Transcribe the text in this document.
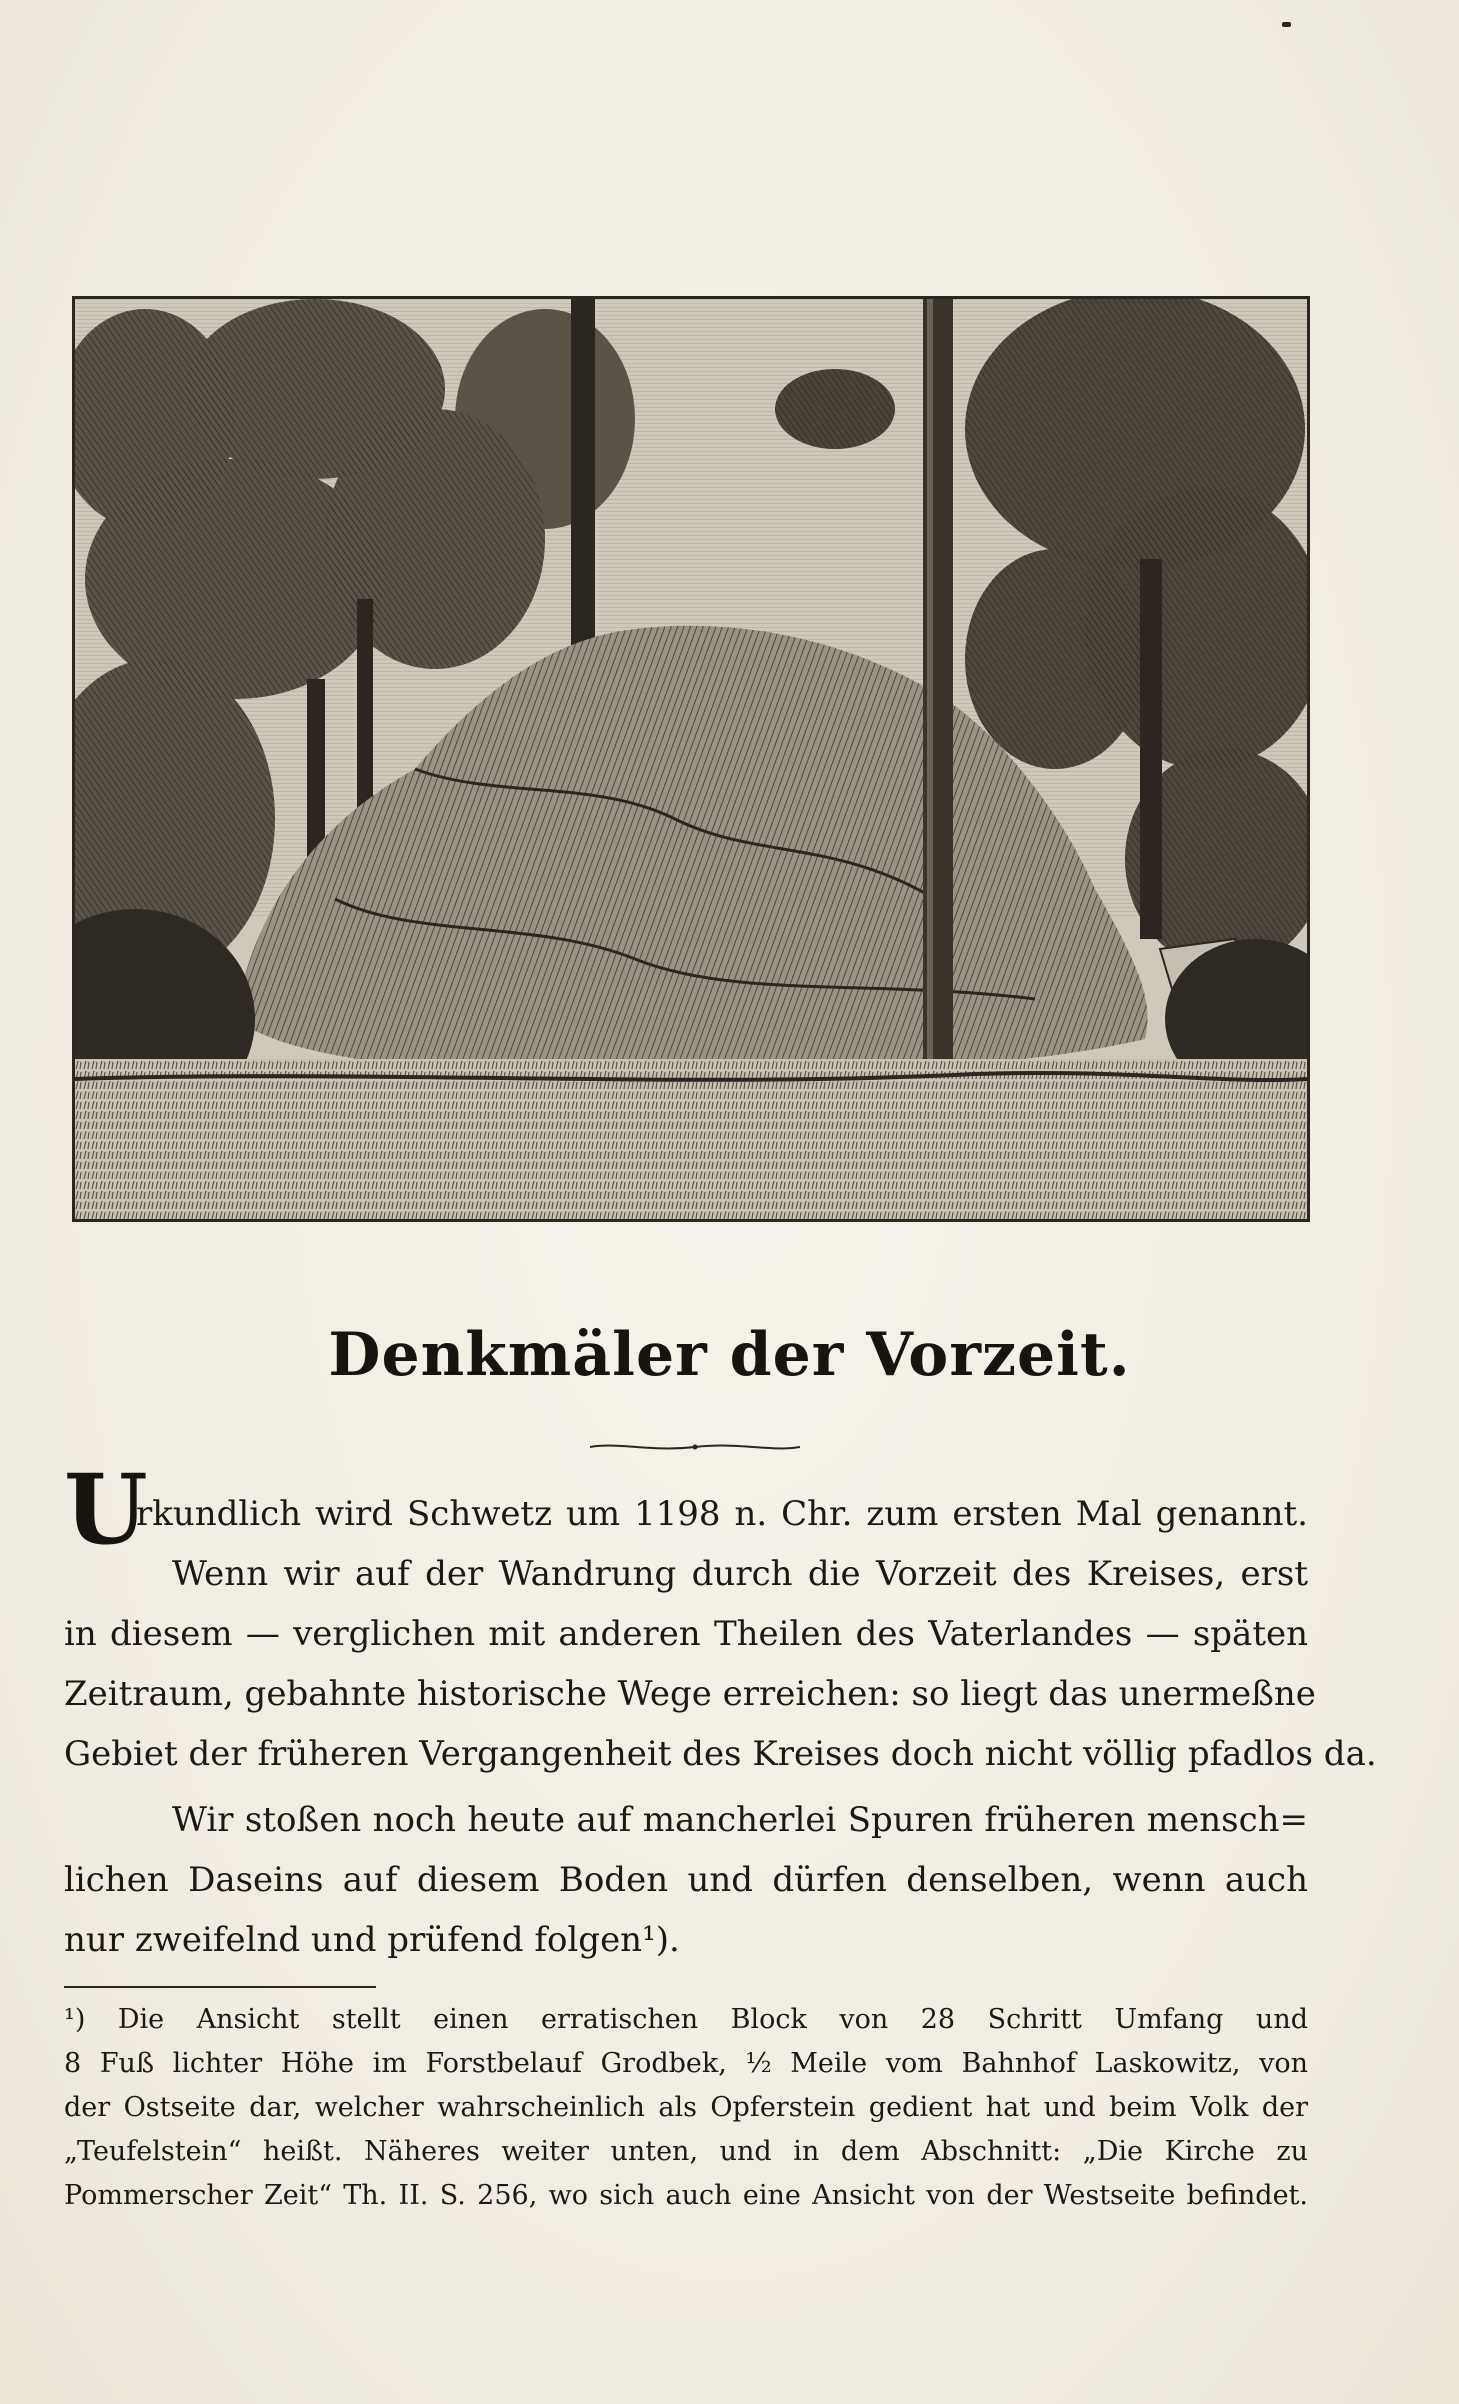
Denkmäler der Vorzeit.
U
rkundlich wird Schwetz um 1198 n. Chr. zum ersten Mal genannt.
Wenn wir auf der Wandrung durch die Vorzeit des Kreises, erst
in diesem — verglichen mit anderen Theilen des Vaterlandes — späten
Zeitraum, gebahnte historische Wege erreichen: so liegt das unermeßne
Gebiet der früheren Vergangenheit des Kreises doch nicht völlig pfadlos da.
Wir stoßen noch heute auf mancherlei Spuren früheren mensch=
lichen Daseins auf diesem Boden und dürfen denselben, wenn auch
nur zweifelnd und prüfend folgen¹).
¹) Die Ansicht stellt einen erratischen Block von 28 Schritt Umfang und
8 Fuß lichter Höhe im Forstbelauf Grodbek, ½ Meile vom Bahnhof Laskowitz, von
der Ostseite dar, welcher wahrscheinlich als Opferstein gedient hat und beim Volk der
„Teufelstein“ heißt. Näheres weiter unten, und in dem Abschnitt: „Die Kirche zu
Pommerscher Zeit“ Th. II. S. 256, wo sich auch eine Ansicht von der Westseite befindet.
